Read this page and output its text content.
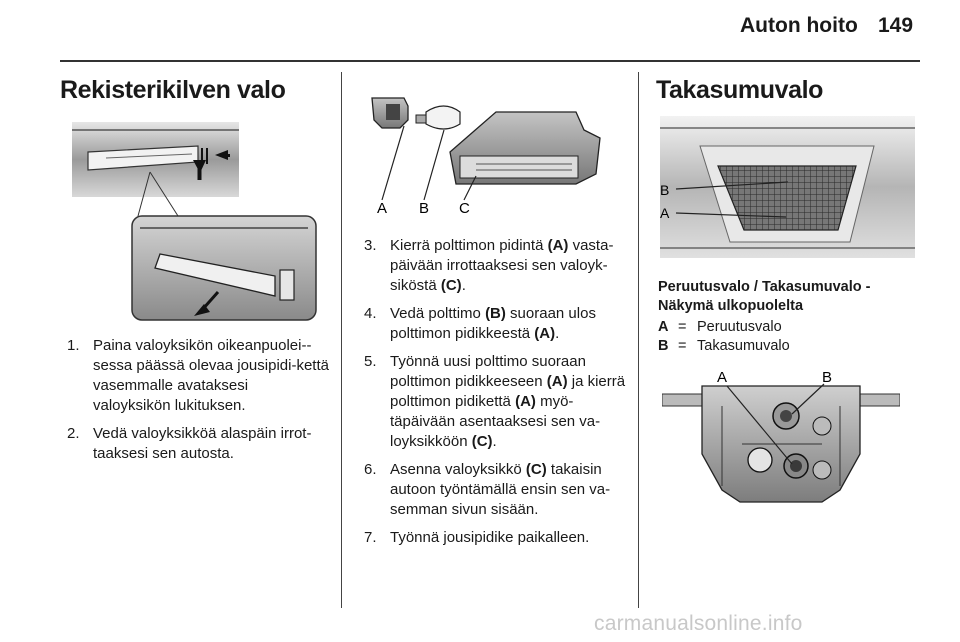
Auton hoito 149
Rekisterikilven valo
1. Paina valoyksikön oikeanpuolei-sessa päässä olevaa jousipidi-kettä vasemmalle avataksesi valoyksikön lukituksen.
2. Vedä valoyksikköä alaspäin irrot-taaksesi sen autosta.
A B C
3. Kierrä polttimon pidintä (A) vasta-päivään irrottaaksesi sen valoyk-siköstä (C).
4. Vedä polttimo (B) suoraan ulos polttimon pidikkeestä (A).
5. Työnnä uusi polttimo suoraan polttimon pidikkeeseen (A) ja kierrä polttimon pidikettä (A) myö-täpäivään asentaaksesi sen va-loyksikköön (C).
6. Asenna valoyksikkö (C) takaisin autoon työntämällä ensin sen va-semman sivun sisään.
7. Työnnä jousipidike paikalleen.
Takasumuvalo
B
A
Peruutusvalo / Takasumuvalo - Näkymä ulkopuolelta
A = Peruutusvalo
B = Takasumuvalo
A	B
carmanualsonline.info
